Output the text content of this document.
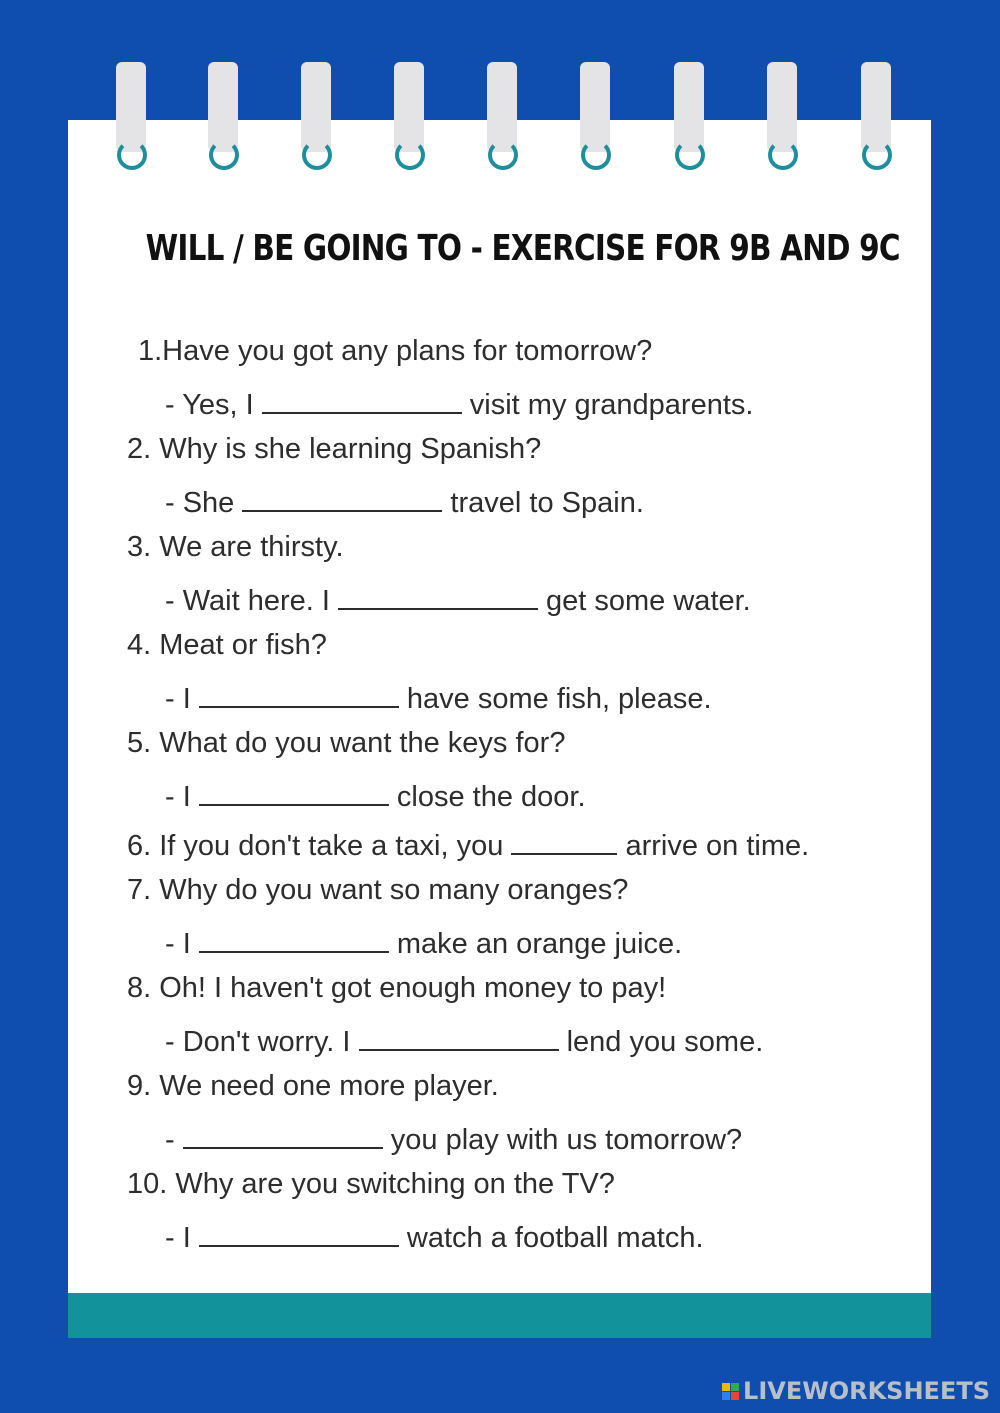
WILL / BE GOING TO - EXERCISE FOR 9B AND 9C
1.Have you got any plans for tomorrow?
- Yes, I	visit my grandparents.
2. Why is she learning Spanish?
- She	travel to Spain.
3. We are thirsty.
- Wait here. I	get some water.
4. Meat or fish?
- I	have some fish, please.
5. What do you want the keys for?
- I	close the door.
6. If you don't take a taxi, you	arrive on time.
7. Why do you want so many oranges?
- I	make an orange juice.
8. Oh! I haven't got enough money to pay!
- Don't worry. I	lend you some.
9. We need one more player.
-	you play with us tomorrow?
10. Why are you switching on the TV?
- I	watch a football match.
LIVEWORKSHEETS
